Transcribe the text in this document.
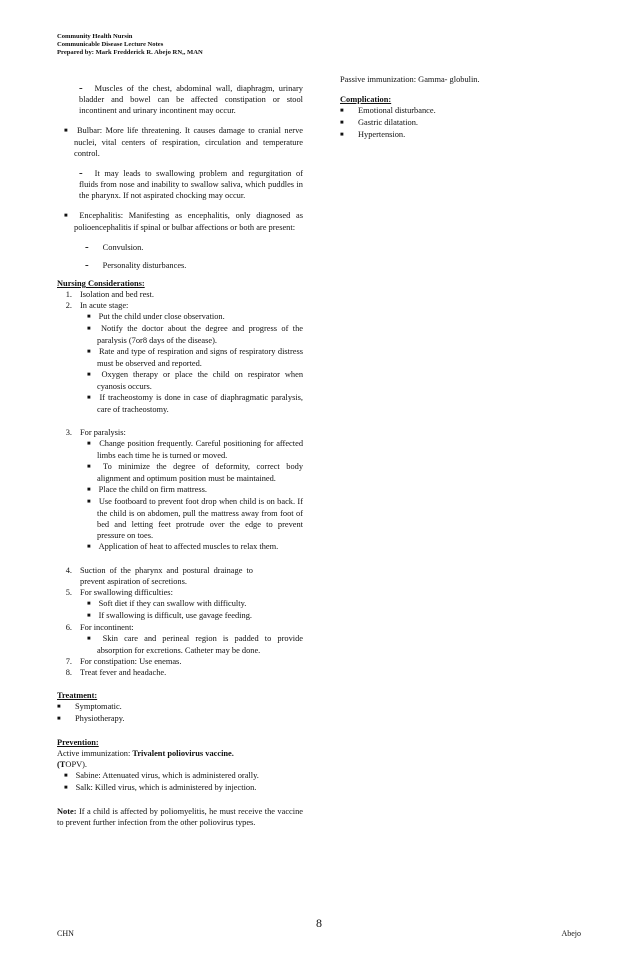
Community Health Nursin
Communicable Disease Lecture Notes
Prepared by: Mark Fredderick R. Abejo RN,, MAN

- Muscles of the chest, abdominal wall, diaphragm, urinary bladder and bowel can be affected constipation or stool incontinent and urinary incontinent may occur.

■ Bulbar: More life threatening. It causes damage to cranial nerve nuclei, vital centers of respiration, circulation and temperature control.

- It may leads to swallowing problem and regurgitation of fluids from nose and inability to swallow saliva, which puddles in the pharynx. If not aspirated chocking may occur.

■ Encephalitis: Manifesting as encephalitis, only diagnosed as polioencephalitis if spinal or bulbar affections or both are present:

- Convulsion.

- Personality disturbances.

Nursing Considerations:

1. Isolation and bed rest.
2. In acute stage:

■ Put the child under close observation.

■ Notify the doctor about the degree and progress of the paralysis (7or8 days of the disease).

■ Rate and type of respiration and signs of respiratory distress must be observed and reported.

■ Oxygen therapy or place the child on respirator when cyanosis occurs.

■ If tracheostomy is done in case of diaphragmatic paralysis, care of tracheostomy.

3. For paralysis:

■ Change position frequently. Careful positioning for affected limbs each time he is turned or moved.

■ To minimize the degree of deformity, correct body alignment and optimum position must be maintained.

■ Place the child on firm mattress.

■ Use footboard to prevent foot drop when child is on back. If the child is on abdomen, pull the mattress away from foot of bed and letting feet protrude over the edge to prevent pressure on toes.

■ Application of heat to affected muscles to relax them.

4. Suction of the pharynx and postural drainage to prevent aspiration of secretions.
5. For swallowing difficulties:

■ Soft diet if they can swallow with difficulty.

■ If swallowing is difficult, use gavage feeding.

6. For incontinent:

■ Skin care and perineal region is padded to provide absorption for excretions. Catheter may be done.

7. For constipation: Use enemas.
8. Treat fever and headache.

Treatment:

■	Symptomatic.
■	Physiotherapy.

Prevention:

Active immunization: Trivalent poliovirus vaccine.
(TOPV).

■ Sabine: Attenuated virus, which is administered orally.

■ Salk: Killed virus, which is administered by injection.

Note: If a child is affected by poliomyelitis, he must receive the vaccine to prevent further infection from the other poliovirus types.

Passive immunization: Gamma- globulin.

Complication:

■	Emotional disturbance.
■	Gastric dilatation.
■	Hypertension.
8
CHN	Abejo
